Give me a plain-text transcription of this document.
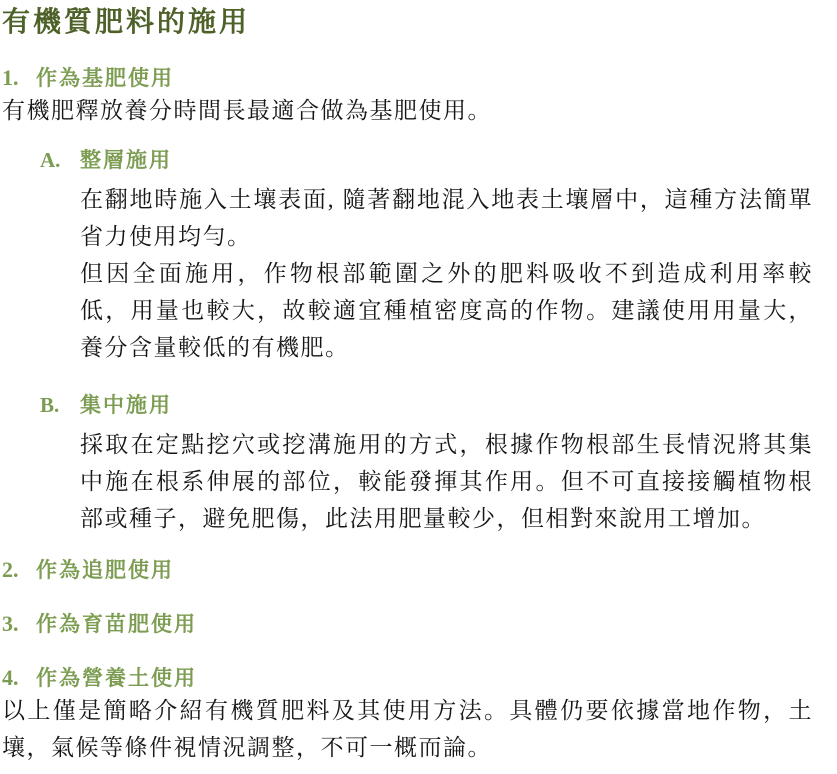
有機質肥料的施用
1. 作為基肥使用

有機肥釋放養分時間長最適合做為基肥使用。

A. 整層施用

在翻地時施入土壤表面, 隨著翻地混入地表土壤層中，這種方法簡單省力使用均勻。

但因全面施用，作物根部範圍之外的肥料吸收不到造成利用率較低，用量也較大，故較適宜種植密度高的作物。建議使用用量大，養分含量較低的有機肥。

B. 集中施用

採取在定點挖穴或挖溝施用的方式，根據作物根部生長情況將其集中施在根系伸展的部位，較能發揮其作用。但不可直接接觸植物根部或種子，避免肥傷，此法用肥量較少，但相對來說用工增加。

2. 作為追肥使用
3. 作為育苗肥使用
4. 作為營養土使用

以上僅是簡略介紹有機質肥料及其使用方法。具體仍要依據當地作物，土壤，氣候等條件視情況調整，不可一概而論。
